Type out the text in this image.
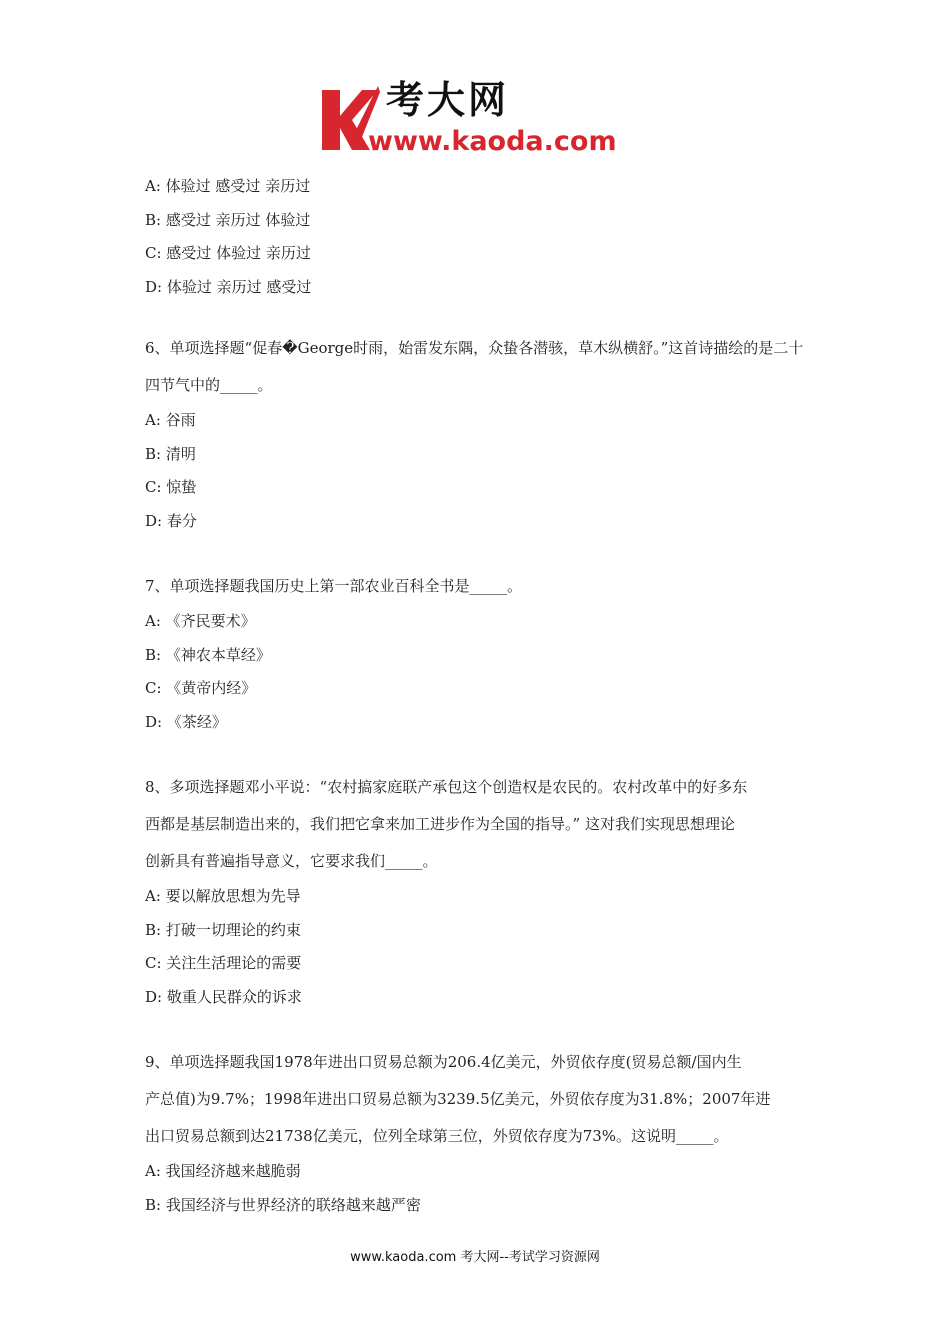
考大网
www.kaoda.com
A: 体验过 感受过 亲历过
B: 感受过 亲历过 体验过
C: 感受过 体验过 亲历过
D: 体验过 亲历过 感受过
6、单项选择题“促春�George时雨，始雷发东隅，众蛰各潜骇，草木纵横舒。”这首诗描绘的是二十
四节气中的_____。
A: 谷雨
B: 清明
C: 惊蛰
D: 春分
7、单项选择题我国历史上第一部农业百科全书是_____。
A: 《齐民要术》
B: 《神农本草经》
C: 《黄帝内经》
D: 《茶经》
8、多项选择题邓小平说：“农村搞家庭联产承包这个创造权是农民的。农村改革中的好多东
西都是基层制造出来的，我们把它拿来加工进步作为全国的指导。” 这对我们实现思想理论
创新具有普遍指导意义，它要求我们_____。
A: 要以解放思想为先导
B: 打破一切理论的约束
C: 关注生活理论的需要
D: 敬重人民群众的诉求
9、单项选择题我国1978年进出口贸易总额为206.4亿美元，外贸依存度(贸易总额/国内生
产总值)为9.7%；1998年进出口贸易总额为3239.5亿美元，外贸依存度为31.8%；2007年进
出口贸易总额到达21738亿美元，位列全球第三位，外贸依存度为73%。这说明_____。
A: 我国经济越来越脆弱
B: 我国经济与世界经济的联络越来越严密
www.kaoda.com 考大网--考试学习资源网
